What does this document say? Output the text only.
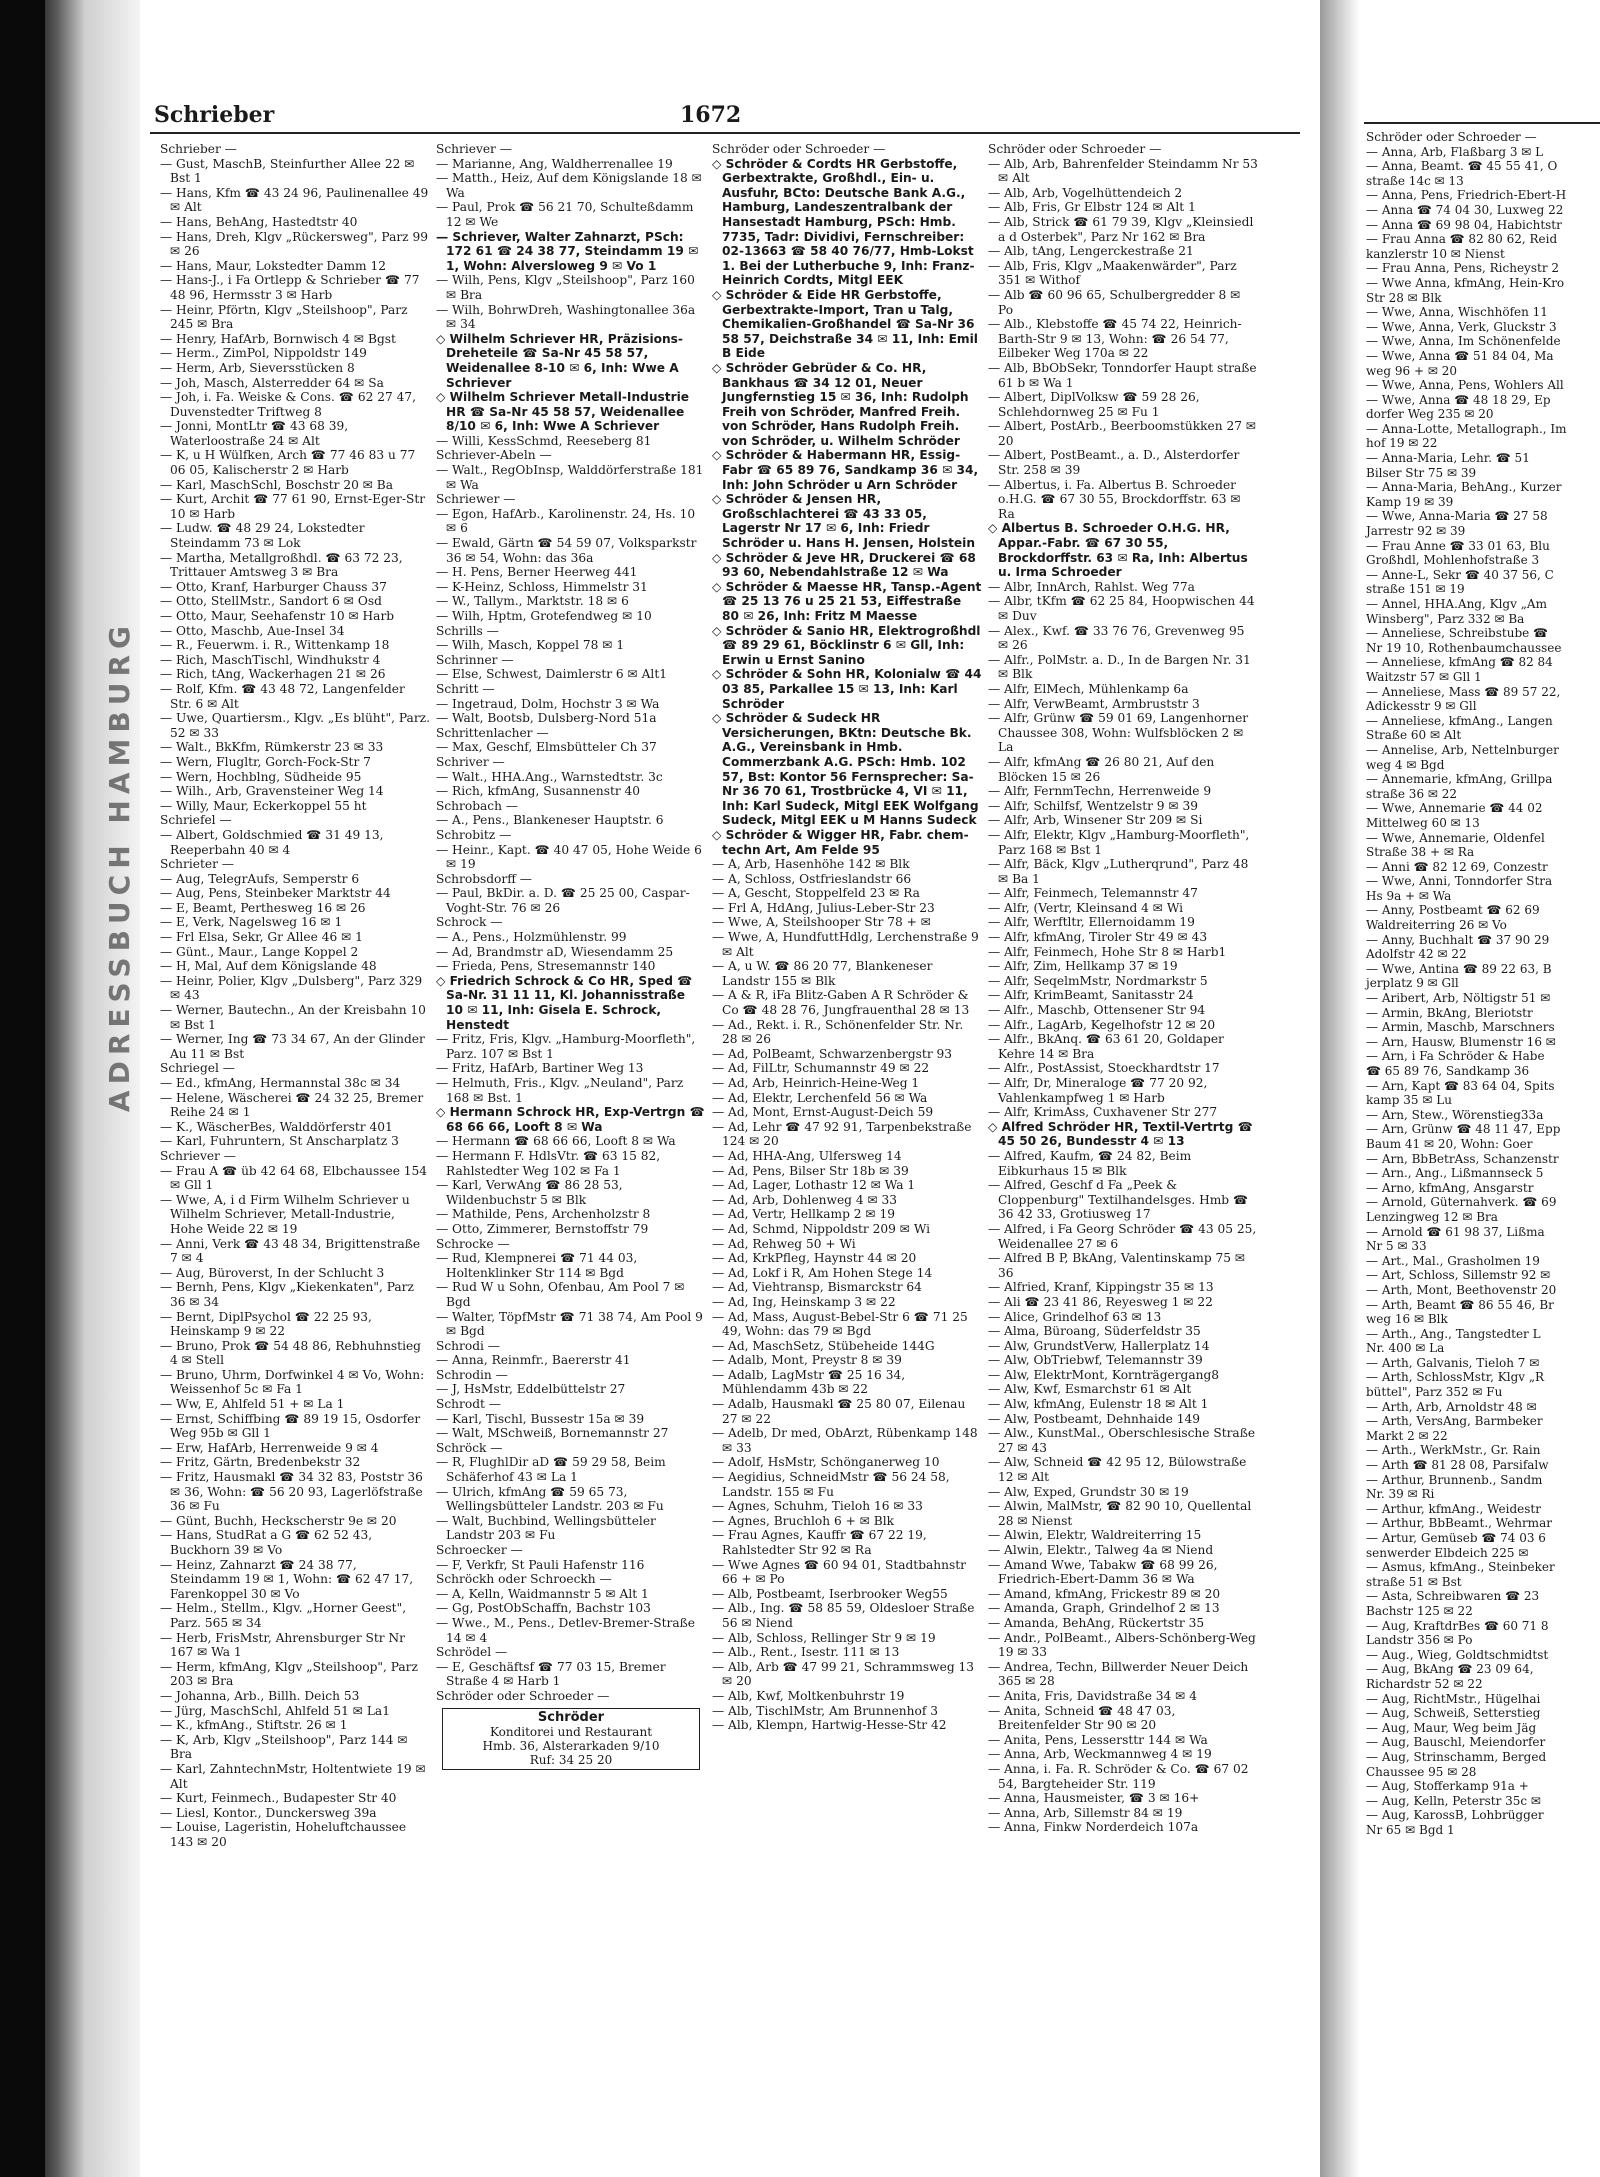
ADRESSBUCH HAMBURG
Schrieber	1672
Schrieber —
— Gust, MaschB, Steinfurther Allee 22 ✉ Bst 1
— Hans, Kfm ☎ 43 24 96, Paulinenallee 49 ✉ Alt
— Hans, BehAng, Hastedtstr 40
— Hans, Dreh, Klgv „Rückersweg", Parz 99 ✉ 26
— Hans, Maur, Lokstedter Damm 12
— Hans-J., i Fa Ortlepp & Schrieber ☎ 77 48 96, Hermsstr 3 ✉ Harb
— Heinr, Pförtn, Klgv „Steilshoop", Parz 245 ✉ Bra
— Henry, HafArb, Bornwisch 4 ✉ Bgst
— Herm., ZimPol, Nippoldstr 149
— Herm, Arb, Sieversstücken 8
— Joh, Masch, Alsterredder 64 ✉ Sa
— Joh, i. Fa. Weiske & Cons. ☎ 62 27 47, Duvenstedter Triftweg 8
— Jonni, MontLtr ☎ 43 68 39, Waterloostraße 24 ✉ Alt
— K, u H Wülfken, Arch ☎ 77 46 83 u 77 06 05, Kalischerstr 2 ✉ Harb
— Karl, MaschSchl, Boschstr 20 ✉ Ba
— Kurt, Archit ☎ 77 61 90, Ernst-Eger-Str 10 ✉ Harb
— Ludw. ☎ 48 29 24, Lokstedter Steindamm 73 ✉ Lok
— Martha, Metallgroßhdl. ☎ 63 72 23, Trittauer Amtsweg 3 ✉ Bra
— Otto, Kranf, Harburger Chauss 37
— Otto, StellMstr., Sandort 6 ✉ Osd
— Otto, Maur, Seehafenstr 10 ✉ Harb
— Otto, Maschb, Aue-Insel 34
— R., Feuerwm. i. R., Wittenkamp 18
— Rich, MaschTischl, Windhukstr 4
— Rich, tAng, Wackerhagen 21 ✉ 26
— Rolf, Kfm. ☎ 43 48 72, Langenfelder Str. 6 ✉ Alt
— Uwe, Quartiersm., Klgv. „Es blüht", Parz. 52 ✉ 33
— Walt., BkKfm, Rümkerstr 23 ✉ 33
— Wern, Flugltr, Gorch-Fock-Str 7
— Wern, Hochblng, Südheide 95
— Wilh., Arb, Gravensteiner Weg 14
— Willy, Maur, Eckerkoppel 55 ht
Schriefel —
— Albert, Goldschmied ☎ 31 49 13, Reeperbahn 40 ✉ 4
Schrieter —
— Aug, TelegrAufs, Semperstr 6
— Aug, Pens, Steinbeker Marktstr 44
— E, Beamt, Perthesweg 16 ✉ 26
— E, Verk, Nagelsweg 16 ✉ 1
— Frl Elsa, Sekr, Gr Allee 46 ✉ 1
— Günt., Maur., Lange Koppel 2
— H, Mal, Auf dem Königslande 48
— Heinr, Polier, Klgv „Dulsberg", Parz 329 ✉ 43
— Werner, Bautechn., An der Kreisbahn 10 ✉ Bst 1
— Werner, Ing ☎ 73 34 67, An der Glinder Au 11 ✉ Bst
Schriegel —
— Ed., kfmAng, Hermannstal 38c ✉ 34
— Helene, Wäscherei ☎ 24 32 25, Bremer Reihe 24 ✉ 1
— K., WäscherBes, Walddörferstr 401
— Karl, Fuhruntern, St Anscharplatz 3
Schriever —
— Frau A ☎ üb 42 64 68, Elbchaussee 154 ✉ Gll 1
— Wwe, A, i d Firm Wilhelm Schriever u Wilhelm Schriever, Metall-Industrie, Hohe Weide 22 ✉ 19
— Anni, Verk ☎ 43 48 34, Brigittenstraße 7 ✉ 4
— Aug, Büroverst, In der Schlucht 3
— Bernh, Pens, Klgv „Kiekenkaten", Parz 36 ✉ 34
— Bernt, DiplPsychol ☎ 22 25 93, Heinskamp 9 ✉ 22
— Bruno, Prok ☎ 54 48 86, Rebhuhnstieg 4 ✉ Stell
— Bruno, Uhrm, Dorfwinkel 4 ✉ Vo, Wohn: Weissenhof 5c ✉ Fa 1
— Ww, E, Ahlfeld 51 + ✉ La 1
— Ernst, Schiffbing ☎ 89 19 15, Osdorfer Weg 95b ✉ Gll 1
— Erw, HafArb, Herrenweide 9 ✉ 4
— Fritz, Gärtn, Bredenbekstr 32
— Fritz, Hausmakl ☎ 34 32 83, Poststr 36 ✉ 36, Wohn: ☎ 56 20 93, Lagerlöfstraße 36 ✉ Fu
— Günt, Buchh, Heckscherstr 9e ✉ 20
— Hans, StudRat a G ☎ 62 52 43, Buckhorn 39 ✉ Vo
— Heinz, Zahnarzt ☎ 24 38 77, Steindamm 19 ✉ 1, Wohn: ☎ 62 47 17, Farenkoppel 30 ✉ Vo
— Helm., Stellm., Klgv. „Horner Geest", Parz. 565 ✉ 34
— Herb, FrisMstr, Ahrensburger Str Nr 167 ✉ Wa 1
— Herm, kfmAng, Klgv „Steilshoop", Parz 203 ✉ Bra
— Johanna, Arb., Billh. Deich 53
— Jürg, MaschSchl, Ahlfeld 51 ✉ La1
— K., kfmAng., Stiftstr. 26 ✉ 1
— K, Arb, Klgv „Steilshoop", Parz 144 ✉ Bra
— Karl, ZahntechnMstr, Holtentwiete 19 ✉ Alt
— Kurt, Feinmech., Budapester Str 40
— Liesl, Kontor., Dunckersweg 39a
— Louise, Lageristin, Hoheluftchaussee 143 ✉ 20
Schriever —
— Marianne, Ang, Waldherrenallee 19
— Matth., Heiz, Auf dem Königslande 18 ✉ Wa
— Paul, Prok ☎ 56 21 70, Schulteßdamm 12 ✉ We
— Schriever, Walter Zahnarzt, PSch: 172 61 ☎ 24 38 77, Steindamm 19 ✉ 1, Wohn: Alversloweg 9 ✉ Vo 1
— Wilh, Pens, Klgv „Steilshoop", Parz 160 ✉ Bra
— Wilh, BohrwDreh, Washingtonallee 36a ✉ 34
◇ Wilhelm Schriever HR, Präzisions-Dreheteile ☎ Sa-Nr 45 58 57, Weidenallee 8-10 ✉ 6, Inh: Wwe A Schriever
◇ Wilhelm Schriever Metall-Industrie HR ☎ Sa-Nr 45 58 57, Weidenallee 8/10 ✉ 6, Inh: Wwe A Schriever
— Willi, KessSchmd, Reeseberg 81
Schriever-Abeln —
— Walt., RegObInsp, Walddörferstraße 181 ✉ Wa
Schriewer —
— Egon, HafArb., Karolinenstr. 24, Hs. 10 ✉ 6
— Ewald, Gärtn ☎ 54 59 07, Volksparkstr 36 ✉ 54, Wohn: das 36a
— H. Pens, Berner Heerweg 441
— K-Heinz, Schloss, Himmelstr 31
— W., Tallym., Marktstr. 18 ✉ 6
— Wilh, Hptm, Grotefendweg ✉ 10
Schrills —
— Wilh, Masch, Koppel 78 ✉ 1
Schrinner —
— Else, Schwest, Daimlerstr 6 ✉ Alt1
Schritt —
— Ingetraud, Dolm, Hochstr 3 ✉ Wa
— Walt, Bootsb, Dulsberg-Nord 51a
Schrittenlacher —
— Max, Geschf, Elmsbütteler Ch 37
Schriver —
— Walt., HHA.Ang., Warnstedtstr. 3c
— Rich, kfmAng, Susannenstr 40
Schrobach —
— A., Pens., Blankeneser Hauptstr. 6
Schrobitz —
— Heinr., Kapt. ☎ 40 47 05, Hohe Weide 6 ✉ 19
Schrobsdorff —
— Paul, BkDir. a. D. ☎ 25 25 00, Caspar-Voght-Str. 76 ✉ 26
Schrock —
— A., Pens., Holzmühlenstr. 99
— Ad, Brandmstr aD, Wiesendamm 25
— Frieda, Pens, Stresemannstr 140
◇ Friedrich Schrock & Co HR, Sped ☎ Sa-Nr. 31 11 11, Kl. Johannisstraße 10 ✉ 11, Inh: Gisela E. Schrock, Henstedt
— Fritz, Fris, Klgv. „Hamburg-Moorfleth", Parz. 107 ✉ Bst 1
— Fritz, HafArb, Bartiner Weg 13
— Helmuth, Fris., Klgv. „Neuland", Parz 168 ✉ Bst. 1
◇ Hermann Schrock HR, Exp-Vertrgn ☎ 68 66 66, Looft 8 ✉ Wa
— Hermann ☎ 68 66 66, Looft 8 ✉ Wa
— Hermann F. HdlsVtr. ☎ 63 15 82, Rahlstedter Weg 102 ✉ Fa 1
— Karl, VerwAng ☎ 86 28 53, Wildenbuchstr 5 ✉ Blk
— Mathilde, Pens, Archenholzstr 8
— Otto, Zimmerer, Bernstoffstr 79
Schrocke —
— Rud, Klempnerei ☎ 71 44 03, Holtenklinker Str 114 ✉ Bgd
— Rud W u Sohn, Ofenbau, Am Pool 7 ✉ Bgd
— Walter, TöpfMstr ☎ 71 38 74, Am Pool 9 ✉ Bgd
Schrodi —
— Anna, Reinmfr., Baererstr 41
Schrodin —
— J, HsMstr, Eddelbüttelstr 27
Schrodt —
— Karl, Tischl, Bussestr 15a ✉ 39
— Walt, MSchweiß, Bornemannstr 27
Schröck —
— R, FlughlDir aD ☎ 59 29 58, Beim Schäferhof 43 ✉ La 1
— Ulrich, kfmAng ☎ 59 65 73, Wellingsbütteler Landstr. 203 ✉ Fu
— Walt, Buchbind, Wellingsbütteler Landstr 203 ✉ Fu
Schroecker —
— F, Verkfr, St Pauli Hafenstr 116
Schröckh oder Schroeckh —
— A, Kelln, Waidmannstr 5 ✉ Alt 1
— Gg, PostObSchaffn, Bachstr 103
— Wwe., M., Pens., Detlev-Bremer-Straße 14 ✉ 4
Schrödel —
— E, Geschäftsf ☎ 77 03 15, Bremer Straße 4 ✉ Harb 1
Schröder oder Schroeder —
Schröder
Konditorei und Restaurant
Hmb. 36, Alsterarkaden 9/10
Ruf: 34 25 20
Schröder oder Schroeder —
◇ Schröder & Cordts HR Gerbstoffe, Gerbextrakte, Großhdl., Ein- u. Ausfuhr, BCto: Deutsche Bank A.G., Hamburg, Landeszentralbank der Hansestadt Hamburg, PSch: Hmb. 7735, Tadr: Dividivi, Fernschreiber: 02-13663 ☎ 58 40 76/77, Hmb-Lokst 1. Bei der Lutherbuche 9, Inh: Franz-Heinrich Cordts, Mitgl EEK
◇ Schröder & Eide HR Gerbstoffe, Gerbextrakte-Import, Tran u Talg, Chemikalien-Großhandel ☎ Sa-Nr 36 58 57, Deichstraße 34 ✉ 11, Inh: Emil B Eide
◇ Schröder Gebrüder & Co. HR, Bankhaus ☎ 34 12 01, Neuer Jungfernstieg 15 ✉ 36, Inh: Rudolph Freih von Schröder, Manfred Freih. von Schröder, Hans Rudolph Freih. von Schröder, u. Wilhelm Schröder
◇ Schröder & Habermann HR, Essig-Fabr ☎ 65 89 76, Sandkamp 36 ✉ 34, Inh: John Schröder u Arn Schröder
◇ Schröder & Jensen HR, Großschlachterei ☎ 43 33 05, Lagerstr Nr 17 ✉ 6, Inh: Friedr Schröder u. Hans H. Jensen, Holstein
◇ Schröder & Jeve HR, Druckerei ☎ 68 93 60, Nebendahlstraße 12 ✉ Wa
◇ Schröder & Maesse HR, Tansp.-Agent ☎ 25 13 76 u 25 21 53, Eiffestraße 80 ✉ 26, Inh: Fritz M Maesse
◇ Schröder & Sanio HR, Elektrogroßhdl ☎ 89 29 61, Böcklinstr 6 ✉ Gll, Inh: Erwin u Ernst Sanino
◇ Schröder & Sohn HR, Kolonialw ☎ 44 03 85, Parkallee 15 ✉ 13, Inh: Karl Schröder
◇ Schröder & Sudeck HR Versicherungen, BKtn: Deutsche Bk. A.G., Vereinsbank in Hmb. Commerzbank A.G. PSch: Hmb. 102 57, Bst: Kontor 56 Fernsprecher: Sa-Nr 36 70 61, Trostbrücke 4, VI ✉ 11, Inh: Karl Sudeck, Mitgl EEK Wolfgang Sudeck, Mitgl EEK u M Hanns Sudeck
◇ Schröder & Wigger HR, Fabr. chem-techn Art, Am Felde 95
— A, Arb, Hasenhöhe 142 ✉ Blk
— A, Schloss, Ostfrieslandstr 66
— A, Gescht, Stoppelfeld 23 ✉ Ra
— Frl A, HdAng, Julius-Leber-Str 23
— Wwe, A, Steilshooper Str 78 + ✉
— Wwe, A, HundfuttHdlg, Lerchenstraße 9 ✉ Alt
— A, u W. ☎ 86 20 77, Blankeneser Landstr 155 ✉ Blk
— A & R, iFa Blitz-Gaben A R Schröder & Co ☎ 48 28 76, Jungfrauenthal 28 ✉ 13
— Ad., Rekt. i. R., Schönenfelder Str. Nr. 28 ✉ 26
— Ad, PolBeamt, Schwarzenbergstr 93
— Ad, FilLtr, Schumannstr 49 ✉ 22
— Ad, Arb, Heinrich-Heine-Weg 1
— Ad, Elektr, Lerchenfeld 56 ✉ Wa
— Ad, Mont, Ernst-August-Deich 59
— Ad, Lehr ☎ 47 92 91, Tarpenbekstraße 124 ✉ 20
— Ad, HHA-Ang, Ulfersweg 14
— Ad, Pens, Bilser Str 18b ✉ 39
— Ad, Lager, Lothastr 12 ✉ Wa 1
— Ad, Arb, Dohlenweg 4 ✉ 33
— Ad, Vertr, Hellkamp 2 ✉ 19
— Ad, Schmd, Nippoldstr 209 ✉ Wi
— Ad, Rehweg 50 + Wi
— Ad, KrkPfleg, Haynstr 44 ✉ 20
— Ad, Lokf i R, Am Hohen Stege 14
— Ad, Viehtransp, Bismarckstr 64
— Ad, Ing, Heinskamp 3 ✉ 22
— Ad, Mass, August-Bebel-Str 6 ☎ 71 25 49, Wohn: das 79 ✉ Bgd
— Ad, MaschSetz, Stübeheide 144G
— Adalb, Mont, Preystr 8 ✉ 39
— Adalb, LagMstr ☎ 25 16 34, Mühlendamm 43b ✉ 22
— Adalb, Hausmakl ☎ 25 80 07, Eilenau 27 ✉ 22
— Adelb, Dr med, ObArzt, Rübenkamp 148 ✉ 33
— Adolf, HsMstr, Schönganerweg 10
— Aegidius, SchneidMstr ☎ 56 24 58, Landstr. 155 ✉ Fu
— Agnes, Schuhm, Tieloh 16 ✉ 33
— Agnes, Bruchloh 6 + ✉ Blk
— Frau Agnes, Kauffr ☎ 67 22 19, Rahlstedter Str 92 ✉ Ra
— Wwe Agnes ☎ 60 94 01, Stadtbahnstr 66 + ✉ Po
— Alb, Postbeamt, Iserbrooker Weg55
— Alb., Ing. ☎ 58 85 59, Oldesloer Straße 56 ✉ Niend
— Alb, Schloss, Rellinger Str 9 ✉ 19
— Alb., Rent., Isestr. 111 ✉ 13
— Alb, Arb ☎ 47 99 21, Schrammsweg 13 ✉ 20
— Alb, Kwf, Moltkenbuhrstr 19
— Alb, TischlMstr, Am Brunnenhof 3
— Alb, Klempn, Hartwig-Hesse-Str 42
Schröder oder Schroeder —
— Alb, Arb, Bahrenfelder Steindamm Nr 53 ✉ Alt
— Alb, Arb, Vogelhüttendeich 2
— Alb, Fris, Gr Elbstr 124 ✉ Alt 1
— Alb, Strick ☎ 61 79 39, Klgv „Kleinsiedl a d Osterbek", Parz Nr 162 ✉ Bra
— Alb, tAng, Lengerckestraße 21
— Alb, Fris, Klgv „Maakenwärder", Parz 351 ✉ Withof
— Alb ☎ 60 96 65, Schulbergredder 8 ✉ Po
— Alb., Klebstoffe ☎ 45 74 22, Heinrich-Barth-Str 9 ✉ 13, Wohn: ☎ 26 54 77, Eilbeker Weg 170a ✉ 22
— Alb, BbObSekr, Tonndorfer Haupt straße 61 b ✉ Wa 1
— Albert, DiplVolksw ☎ 59 28 26, Schlehdornweg 25 ✉ Fu 1
— Albert, PostArb., Beerboomstükken 27 ✉ 20
— Albert, PostBeamt., a. D., Alsterdorfer Str. 258 ✉ 39
— Albertus, i. Fa. Albertus B. Schroeder o.H.G. ☎ 67 30 55, Brockdorffstr. 63 ✉ Ra
◇ Albertus B. Schroeder O.H.G. HR, Appar.-Fabr. ☎ 67 30 55, Brockdorffstr. 63 ✉ Ra, Inh: Albertus u. Irma Schroeder
— Albr, InnArch, Rahlst. Weg 77a
— Albr, tKfm ☎ 62 25 84, Hoopwischen 44 ✉ Duv
— Alex., Kwf. ☎ 33 76 76, Grevenweg 95 ✉ 26
— Alfr., PolMstr. a. D., In de Bargen Nr. 31 ✉ Blk
— Alfr, ElMech, Mühlenkamp 6a
— Alfr, VerwBeamt, Armbruststr 3
— Alfr, Grünw ☎ 59 01 69, Langenhorner Chaussee 308, Wohn: Wulfsblöcken 2 ✉ La
— Alfr, kfmAng ☎ 26 80 21, Auf den Blöcken 15 ✉ 26
— Alfr, FernmTechn, Herrenweide 9
— Alfr, Schilfsf, Wentzelstr 9 ✉ 39
— Alfr, Arb, Winsener Str 209 ✉ Si
— Alfr, Elektr, Klgv „Hamburg-Moorfleth", Parz 168 ✉ Bst 1
— Alfr, Bäck, Klgv „Lutherqrund", Parz 48 ✉ Ba 1
— Alfr, Feinmech, Telemannstr 47
— Alfr, (Vertr, Kleinsand 4 ✉ Wi
— Alfr, Werftltr, Ellernoidamm 19
— Alfr, kfmAng, Tiroler Str 49 ✉ 43
— Alfr, Feinmech, Hohe Str 8 ✉ Harb1
— Alfr, Zim, Hellkamp 37 ✉ 19
— Alfr, SeqelmMstr, Nordmarkstr 5
— Alfr, KrimBeamt, Sanitasstr 24
— Alfr., Maschb, Ottensener Str 94
— Alfr., LagArb, Kegelhofstr 12 ✉ 20
— Alfr., BkAnq. ☎ 63 61 20, Goldaper Kehre 14 ✉ Bra
— Alfr., PostAssist, Stoeckhardtstr 17
— Alfr, Dr, Mineraloge ☎ 77 20 92, Vahlenkampfweg 1 ✉ Harb
— Alfr, KrimAss, Cuxhavener Str 277
◇ Alfred Schröder HR, Textil-Vertrtg ☎ 45 50 26, Bundesstr 4 ✉ 13
— Alfred, Kaufm, ☎ 24 82, Beim Eibkurhaus 15 ✉ Blk
— Alfred, Geschf d Fa „Peek & Cloppenburg" Textilhandelsges. Hmb ☎ 36 42 33, Grotiusweg 17
— Alfred, i Fa Georg Schröder ☎ 43 05 25, Weidenallee 27 ✉ 6
— Alfred B P, BkAng, Valentinskamp 75 ✉ 36
— Alfried, Kranf, Kippingstr 35 ✉ 13
— Ali ☎ 23 41 86, Reyesweg 1 ✉ 22
— Alice, Grindelhof 63 ✉ 13
— Alma, Büroang, Süderfeldstr 35
— Alw, GrundstVerw, Hallerplatz 14
— Alw, ObTriebwf, Telemannstr 39
— Alw, ElektrMont, Kornträgergang8
— Alw, Kwf, Esmarchstr 61 ✉ Alt
— Alw, kfmAng, Eulenstr 18 ✉ Alt 1
— Alw, Postbeamt, Dehnhaide 149
— Alw., KunstMal., Oberschlesische Straße 27 ✉ 43
— Alw, Schneid ☎ 42 95 12, Bülowstraße 12 ✉ Alt
— Alw, Exped, Grundstr 30 ✉ 19
— Alwin, MalMstr, ☎ 82 90 10, Quellental 28 ✉ Nienst
— Alwin, Elektr, Waldreiterring 15
— Alwin, Elektr., Talweg 4a ✉ Niend
— Amand Wwe, Tabakw ☎ 68 99 26, Friedrich-Ebert-Damm 36 ✉ Wa
— Amand, kfmAng, Frickestr 89 ✉ 20
— Amanda, Graph, Grindelhof 2 ✉ 13
— Amanda, BehAng, Rückertstr 35
— Andr., PolBeamt., Albers-Schönberg-Weg 19 ✉ 33
— Andrea, Techn, Billwerder Neuer Deich 365 ✉ 28
— Anita, Fris, Davidstraße 34 ✉ 4
— Anita, Schneid ☎ 48 47 03, Breitenfelder Str 90 ✉ 20
— Anita, Pens, Lessersttr 144 ✉ Wa
— Anna, Arb, Weckmannweg 4 ✉ 19
— Anna, i. Fa. R. Schröder & Co. ☎ 67 02 54, Bargteheider Str. 119
— Anna, Hausmeister, ☎ 3 ✉ 16+
— Anna, Arb, Sillemstr 84 ✉ 19
— Anna, Finkw Norderdeich 107a
Schröder oder Schroeder —
— Anna, Arb, Flaßbarg 3 ✉ L
— Anna, Beamt. ☎ 45 55 41, O
straße 14c ✉ 13
— Anna, Pens, Friedrich-Ebert-H
— Anna ☎ 74 04 30, Luxweg 22
— Anna ☎ 69 98 04, Habichtstr
— Frau Anna ☎ 82 80 62, Reid
kanzlerstr 10 ✉ Nienst
— Frau Anna, Pens, Richeystr 2
— Wwe Anna, kfmAng, Hein-Kro
Str 28 ✉ Blk
— Wwe, Anna, Wischhöfen 11
— Wwe, Anna, Verk, Gluckstr 3
— Wwe, Anna, Im Schönenfelde
— Wwe, Anna ☎ 51 84 04, Ma
weg 96 + ✉ 20
— Wwe, Anna, Pens, Wohlers All
— Wwe, Anna ☎ 48 18 29, Ep
dorfer Weg 235 ✉ 20
— Anna-Lotte, Metallograph., Im
hof 19 ✉ 22
— Anna-Maria, Lehr. ☎ 51
Bilser Str 75 ✉ 39
— Anna-Maria, BehAng., Kurzer
Kamp 19 ✉ 39
— Wwe, Anna-Maria ☎ 27 58
Jarrestr 92 ✉ 39
— Frau Anne ☎ 33 01 63, Blu
Großhdl, Mohlenhofstraße 3
— Anne-L, Sekr ☎ 40 37 56, C
straße 151 ✉ 19
— Annel, HHA.Ang, Klgv „Am
Winsberg", Parz 332 ✉ Ba
— Anneliese, Schreibstube ☎
Nr 19 10, Rothenbaumchaussee
— Anneliese, kfmAng ☎ 82 84
Waitzstr 57 ✉ Gll 1
— Anneliese, Mass ☎ 89 57 22,
Adickesstr 9 ✉ Gll
— Anneliese, kfmAng., Langen
Straße 60 ✉ Alt
— Annelise, Arb, Nettelnburger
weg 4 ✉ Bgd
— Annemarie, kfmAng, Grillpa
straße 36 ✉ 22
— Wwe, Annemarie ☎ 44 02
Mittelweg 60 ✉ 13
— Wwe, Annemarie, Oldenfel
Straße 38 + ✉ Ra
— Anni ☎ 82 12 69, Conzestr
— Wwe, Anni, Tonndorfer Stra
Hs 9a + ✉ Wa
— Anny, Postbeamt ☎ 62 69
Waldreiterring 26 ✉ Vo
— Anny, Buchhalt ☎ 37 90 29
Adolfstr 42 ✉ 22
— Wwe, Antina ☎ 89 22 63, B
jerplatz 9 ✉ Gll
— Aribert, Arb, Nöltigstr 51 ✉
— Armin, BkAng, Bleriotstr
— Armin, Maschb, Marschners
— Arn, Hausw, Blumenstr 16 ✉
— Arn, i Fa Schröder & Habe
☎ 65 89 76, Sandkamp 36
— Arn, Kapt ☎ 83 64 04, Spits
kamp 35 ✉ Lu
— Arn, Stew., Wörenstieg33a
— Arn, Grünw ☎ 48 11 47, Epp
Baum 41 ✉ 20, Wohn: Goer
— Arn, BbBetrAss, Schanzenstr
— Arn., Ang., Lißmannseck 5
— Arno, kfmAng, Ansgarstr
— Arnold, Güternahverk. ☎ 69
Lenzingweg 12 ✉ Bra
— Arnold ☎ 61 98 37, Lißma
Nr 5 ✉ 33
— Art., Mal., Grasholmen 19
— Art, Schloss, Sillemstr 92 ✉
— Arth, Mont, Beethovenstr 20
— Arth, Beamt ☎ 86 55 46, Br
weg 16 ✉ Blk
— Arth., Ang., Tangstedter L
Nr. 400 ✉ La
— Arth, Galvanis, Tieloh 7 ✉
— Arth, SchlossMstr, Klgv „R
büttel", Parz 352 ✉ Fu
— Arth, Arb, Arnoldstr 48 ✉
— Arth, VersAng, Barmbeker
Markt 2 ✉ 22
— Arth., WerkMstr., Gr. Rain
— Arth ☎ 81 28 08, Parsifalw
— Arthur, Brunnenb., Sandm
Nr. 39 ✉ Ri
— Arthur, kfmAng., Weidestr
— Arthur, BbBeamt., Wehrmar
— Artur, Gemüseb ☎ 74 03 6
senwerder Elbdeich 225 ✉
— Asmus, kfmAng., Steinbeker
straße 51 ✉ Bst
— Asta, Schreibwaren ☎ 23
Bachstr 125 ✉ 22
— Aug, KraftdrBes ☎ 60 71 8
Landstr 356 ✉ Po
— Aug., Wieg, Goldtschmidtst
— Aug, BkAng ☎ 23 09 64,
Richardstr 52 ✉ 22
— Aug, RichtMstr., Hügelhai
— Aug, Schweiß, Setterstieg
— Aug, Maur, Weg beim Jäg
— Aug, Bauschl, Meiendorfer
— Aug, Strinschamm, Berged
Chaussee 95 ✉ 28
— Aug, Stofferkamp 91a +
— Aug, Kelln, Peterstr 35c ✉
— Aug, KarossB, Lohbrügger
Nr 65 ✉ Bgd 1
